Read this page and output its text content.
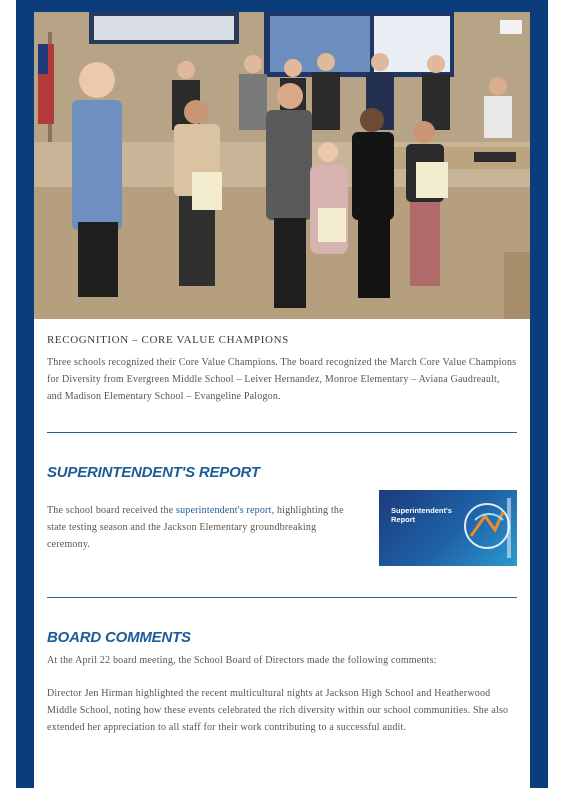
RECOGNITION – CORE VALUE CHAMPIONS

Three schools recognized their Core Value Champions. The board recognized the March Core Value Champions for Diversity from Evergreen Middle School – Leiver Hernandez, Monroe Elementary – Aviana Gaudreault, and Madison Elementary School – Evangeline Palogon.

SUPERINTENDENT'S REPORT
The school board received the superintendent's report, highlighting the state testing season and the Jackson Elementary groundbreaking ceremony.
Superintendent's
Report
BOARD COMMENTS
At the April 22 board meeting, the School Board of Directors made the following comments:
Director Jen Hirman highlighted the recent multicultural nights at Jackson High School and Heatherwood Middle School, noting how these events celebrated the rich diversity within our school communities. She also extended her appreciation to all staff for their work contributing to a successful audit.
